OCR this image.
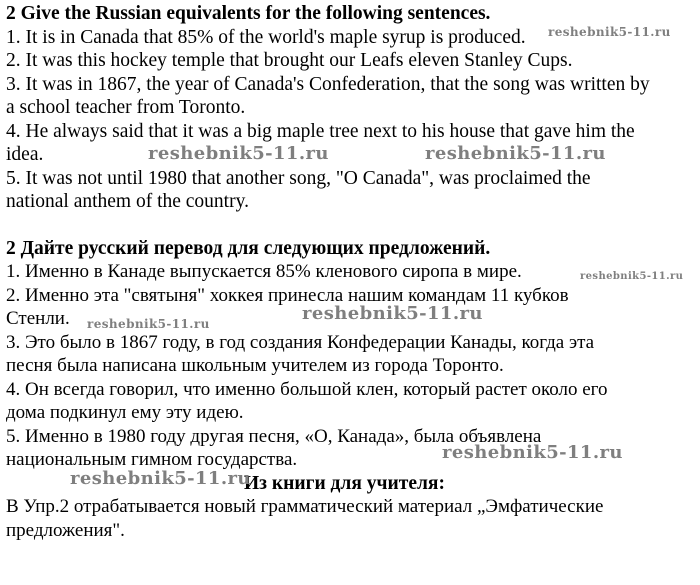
2 Give the Russian equivalents for the following sentences.
1. It is in Canada that 85% of the world's maple syrup is produced.
2. It was this hockey temple that brought our Leafs eleven Stanley Cups.
3. It was in 1867, the year of Canada's Confederation, that the song was written by
a school teacher from Toronto.
4. He always said that it was a big maple tree next to his house that gave him the
idea.
5. It was not until 1980 that another song, "O Canada", was proclaimed the
national anthem of the country.
2 Дайте русский перевод для следующих предложений.
1. Именно в Канаде выпускается 85% кленового сиропа в мире.
2. Именно эта "святыня" хоккея принесла нашим командам 11 кубков
Стенли.
3. Это было в 1867 году, в год создания Конфедерации Канады, когда эта
песня была написана школьным учителем из города Торонто.
4. Он всегда говорил, что именно большой клен, который растет около его
дома подкинул ему эту идею.
5. Именно в 1980 году другая песня, «О, Канада», была объявлена
национальным гимном государства.
Из книги для учителя:
В Упр.2 отрабатывается новый грамматический материал „Эмфатические
предложения".
reshebnik5-11.ru
reshebnik5-11.ru	reshebnik5-11.ru
reshebnik5-11.ru
reshebnik5-11.ru
reshebnik5-11.ru
reshebnik5-11.ru
reshebnik5-11.ru
